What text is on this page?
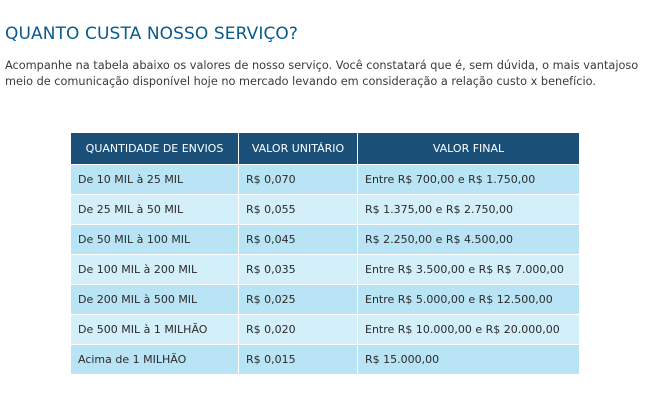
QUANTO CUSTA NOSSO SERVIÇO?

Acompanhe na tabela abaixo os valores de nosso serviço. Você constatará que é, sem dúvida, o mais vantajoso meio de comunicação disponível hoje no mercado levando em consideração a relação custo x benefício.

QUANTIDADE DE ENVIOS	VALOR UNITÁRIO	VALOR FINAL
De 10 MIL à 25 MIL	R$ 0,070	Entre R$ 700,00 e R$ 1.750,00
De 25 MIL à 50 MIL	R$ 0,055	R$ 1.375,00 e R$ 2.750,00
De 50 MIL à 100 MIL	R$ 0,045	R$ 2.250,00 e R$ 4.500,00
De 100 MIL à 200 MIL	R$ 0,035	Entre R$ 3.500,00 e R$ R$ 7.000,00
De 200 MIL à 500 MIL	R$ 0,025	Entre R$ 5.000,00 e R$ 12.500,00
De 500 MIL à 1 MILHÃO	R$ 0,020	Entre R$ 10.000,00 e R$ 20.000,00
Acima de 1 MILHÃO	R$ 0,015	R$ 15.000,00
